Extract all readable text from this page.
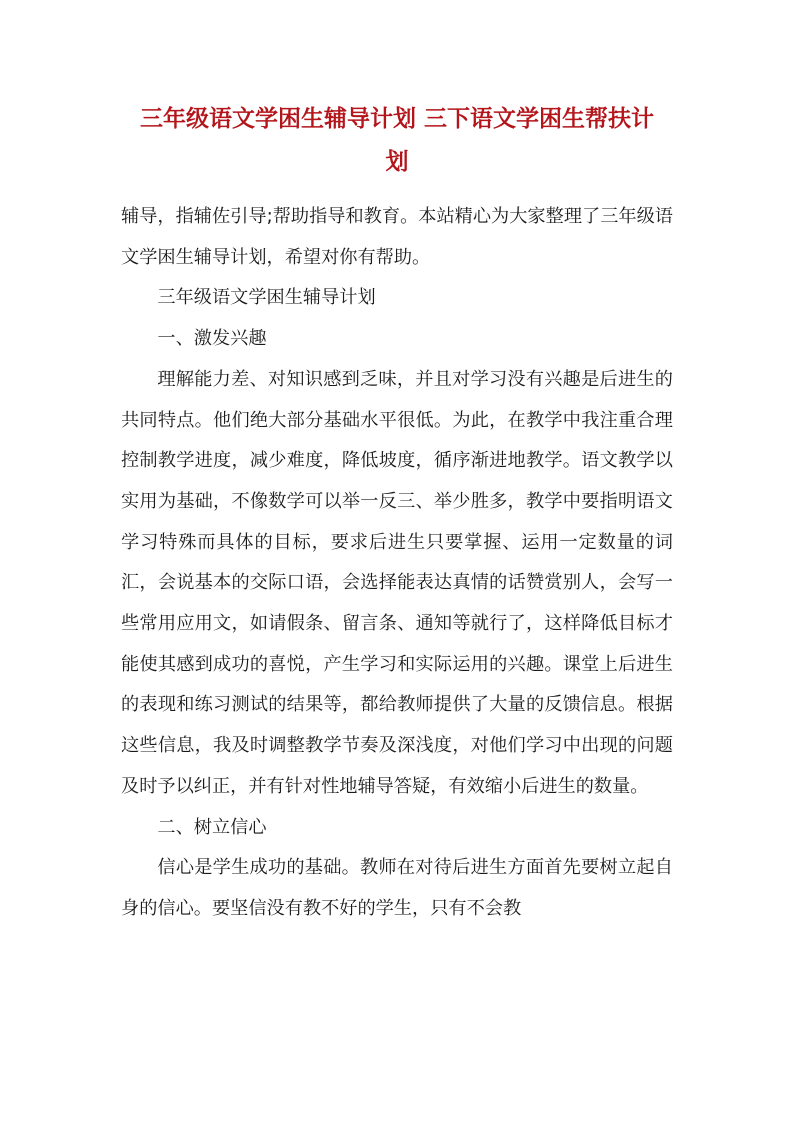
三年级语文学困生辅导计划 三下语文学困生帮扶计
划

辅导，指辅佐引导;帮助指导和教育。本站精心为大家整理了三年级语文学困生辅导计划，希望对你有帮助。

三年级语文学困生辅导计划

一、激发兴趣

理解能力差、对知识感到乏味，并且对学习没有兴趣是后进生的共同特点。他们绝大部分基础水平很低。为此，在教学中我注重合理控制教学进度，减少难度，降低坡度，循序渐进地教学。语文教学以实用为基础，不像数学可以举一反三、举少胜多，教学中要指明语文学习特殊而具体的目标，要求后进生只要掌握、运用一定数量的词汇，会说基本的交际口语，会选择能表达真情的话赞赏别人，会写一些常用应用文，如请假条、留言条、通知等就行了，这样降低目标才能使其感到成功的喜悦，产生学习和实际运用的兴趣。课堂上后进生的表现和练习测试的结果等，都给教师提供了大量的反馈信息。根据这些信息，我及时调整教学节奏及深浅度，对他们学习中出现的问题及时予以纠正，并有针对性地辅导答疑，有效缩小后进生的数量。

二、树立信心

信心是学生成功的基础。教师在对待后进生方面首先要树立起自身的信心。要坚信没有教不好的学生，只有不会教
